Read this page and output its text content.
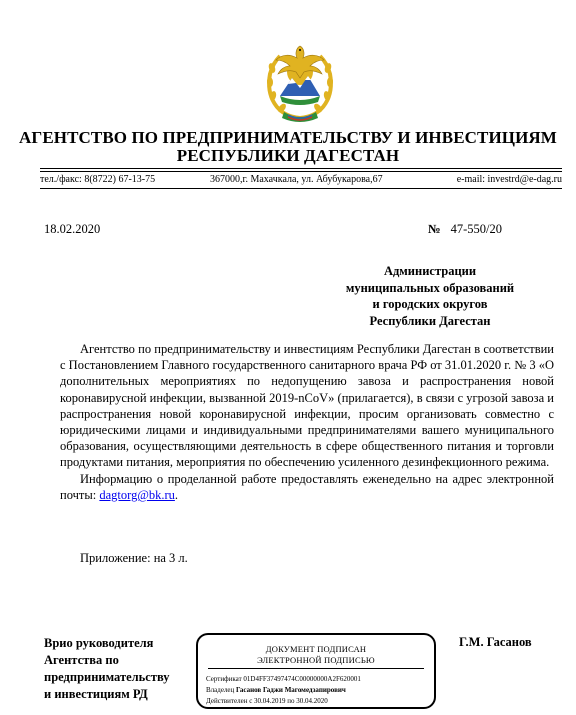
АГЕНТСТВО ПО ПРЕДПРИНИМАТЕЛЬСТВУ И ИНВЕСТИЦИЯМ
РЕСПУБЛИКИ ДАГЕСТАН
тел./факс: 8(8722) 67-13-75	367000,г. Махачкала, ул. Абубукарова,67	e-mail: investrd@e-dag.ru
18.02.2020	№ 47-550/20
Администрации
муниципальных образований
и городских округов
Республики Дагестан

Агентство по предпринимательству и инвестициям Республики Дагестан в соответствии с Постановлением Главного государственного санитарного врача РФ от 31.01.2020 г. № 3 «О дополнительных мероприятиях по недопущению завоза и распространения новой коронавирусной инфекции, вызванной 2019-nCoV» (прилагается), в связи с угрозой завоза и распространения новой коронавирусной инфекции, просим организовать совместно с юридическими лицами и индивидуальными предпринимателями вашего муниципального образования, осуществляющими деятельность в сфере общественного питания и торговли продуктами питания, мероприятия по обеспечению усиленного дезинфекционного режима.

Информацию о проделанной работе предоставлять еженедельно на адрес электронной почты: dagtorg@bk.ru.

Приложение: на 3 л.
Врио руководителя
Агентства по
предпринимательству
и инвестициям РД
ДОКУМЕНТ ПОДПИСАН
ЭЛЕКТРОННОЙ ПОДПИСЬЮ
Сертификат 01D4FF37497474C00000000A2F620001
Владелец Гасанов Гаджи Магомедзапирович
Действителен с 30.04.2019 по 30.04.2020
Г.М. Гасанов
